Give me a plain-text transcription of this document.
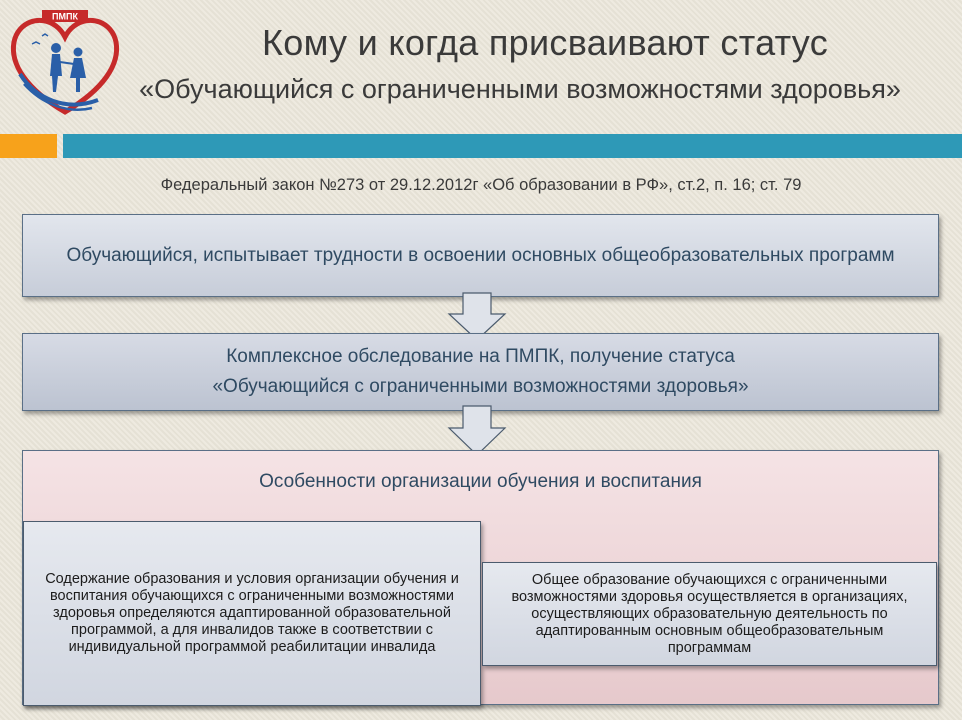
ПМПК
Кому и когда присваивают статус
«Обучающийся с ограниченными возможностями здоровья»
Федеральный закон №273 от 29.12.2012г «Об образовании в РФ», ст.2, п. 16; ст. 79
Обучающийся, испытывает трудности в освоении основных общеобразовательных программ
Комплексное обследование на ПМПК, получение статуса
«Обучающийся с ограниченными возможностями здоровья»
Особенности организации обучения и воспитания
Содержание образования и условия организации обучения и воспитания обучающихся с ограниченными возможностями здоровья определяются адаптированной образовательной программой, а для инвалидов также в соответствии с индивидуальной программой реабилитации инвалида
Общее образование обучающихся с ограниченными возможностями здоровья осуществляется в организациях, осуществляющих образовательную деятельность по адаптированным основным общеобразовательным программам
